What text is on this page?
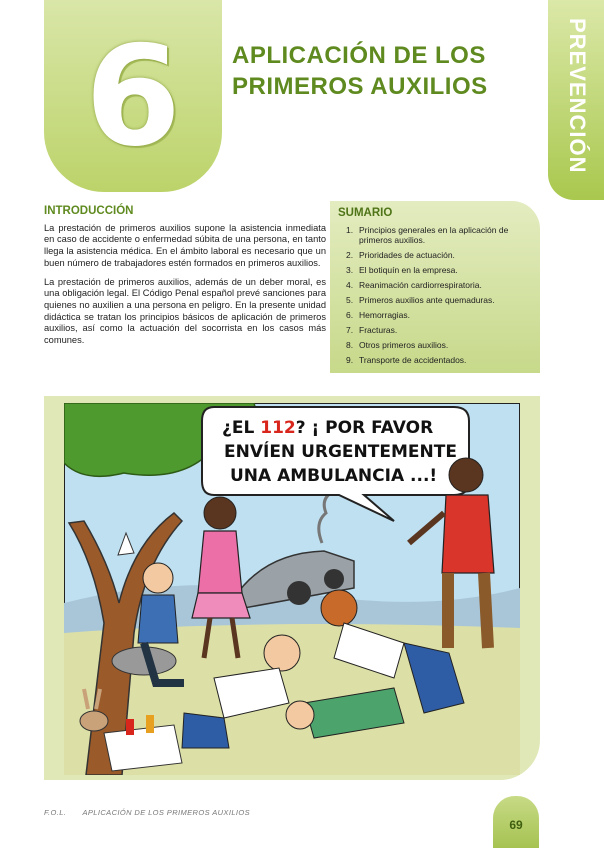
6	APLICACIÓN DE LOS
PRIMEROS AUXILIOS	PREVENCIÓN
INTRODUCCIÓN

La prestación de primeros auxilios supone la asistencia inmediata en caso de accidente o enfermedad súbita de una persona, en tanto llega la asistencia médica. En el ámbito laboral es necesario que un buen número de trabajadores estén formados en primeros auxilios.

La prestación de primeros auxilios, además de un deber moral, es una obligación legal. El Código Penal español prevé sanciones para quienes no auxilien a una persona en peligro. En la presente unidad didáctica se tratan los principios básicos de aplicación de primeros auxilios, así como la actuación del socorrista en los casos más comunes.

SUMARIO
1. Principios generales en la aplicación de primeros auxilios.
2. Prioridades de actuación.
3. El botiquín en la empresa.
4. Reanimación cardiorrespiratoria.
5. Primeros auxilios ante quemaduras.
6. Hemorragias.
7. Fracturas.
8. Otros primeros auxilios.
9. Transporte de accidentados.
¿EL 112? ¡ POR FAVOR
ENVÍEN URGENTEMENTE
UNA AMBULANCIA ...!
F.O.L. APLICACIÓN DE LOS PRIMEROS AUXILIOS
69
